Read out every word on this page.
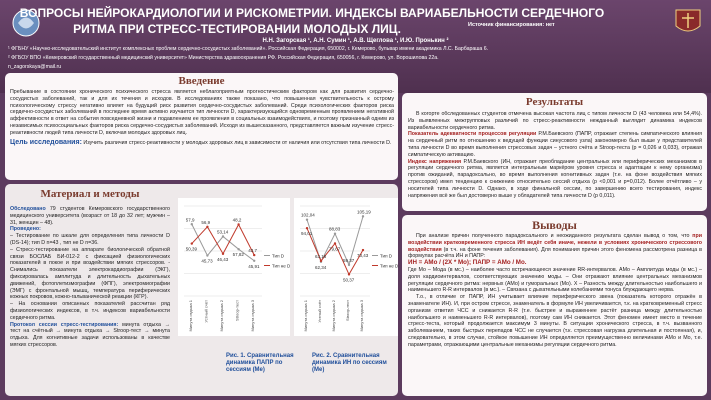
ВОПРОСЫ НЕЙРОКАРДИОЛОГИИ И РИСКОМЕТРИИ. ИНДЕКСЫ ВАРИАБЕЛЬНОСТИ СЕРДЕЧНОГО
РИТМА ПРИ СТРЕСС-ТЕСТИРОВАНИИ МОЛОДЫХ ЛИЦ.	Источник финансирования: нет
Н.Н. Загорская ¹, А.Н. Сумин ¹, А.В. Щеглова ¹, И.Ю. Пронькин ²
¹ ФГБНУ «Научно-исследовательский институт комплексных проблем сердечно-сосудистых заболеваний». Российская Федерация, 650002, г. Кемерово, бульвар имени академика Л.С. Барбараша 6.
² ФГБОУ ВПО «Кемеровский государственный медицинский университет» Министерства здравоохранения РФ. Российская Федерация, 650056, г. Кемерово, ул. Ворошилова 22а.
n_zagorskaya@mail.ru
Введение

Пребывание в состоянии хронического психического стресса является неблагоприятным прогностическим фактором как для развития сердечно-сосудистых заболеваний, так и для их течения и исходов. В исследованиях также показано, что повышенная чувствительность к острому психологическому стрессу негативно влияет на будущий риск развития сердечно-сосудистых заболеваний. Среди психологических факторов риска сердечно-сосудистых заболеваний в последнее время активно изучается тип личности D, характеризующийся одновременным проявлением негативной аффективности в ответ на события повседневной жизни и подавлением ее проявления в социальных взаимодействиях, и поэтому признанный одним из независимых психосоциальных факторов риска сердечно-сосудистых заболеваний. Исходя из вышесказанного, представляется важным изучение стресс-реактивности людей типа личности D, включая молодых здоровых лиц.

Цель исследования: Изучить различия стресс-реактивности у молодых здоровых лиц в зависимости от наличия или отсутствия типа личности D.

Материал и методы

Обследовано 79 студентов Кемеровского государственного медицинского университета (возраст от 18 до 32 лет; мужчин – 31, женщин – 48).

Проведено:

– Тестирование по шкале для определения типа личности D (DS-14); тип D n=43 , тип не D n=36.

– Стресс-тестирование на аппарате биологической обратной связи БОСЛАБ БИ-012-2 с фиксацией физиологических показателей в покое и при воздействии мягких стрессоров. - Снимались показатели электрокардиографии (ЭКГ), фиксировалась амплитуда и длительность дыхательных движений, фотоплетизмографии (ФПГ), электромиографии (ЭМГ) с фронтальной мышц, температура периферических кожных покровов, кожно-гальванической реакции (КГР).

– На основании описанных показателей рассчитан ряд физиологических индексов, в т.ч. индексов вариабельности сердечного ритма.

Протокол сессии стресс-тестирования: минута отдыха → тест на счётный → минута отдыха → Stroop-тест → минута отдыха. Для когнитивные задачи использованы в качестве мягких стрессоров.

57,9
50,39
Минута отдыха 1
45,73
56,9
Устный счёт
53,14
46,43
Минута отдыха 2
57,82
48,2
Stroop-тест
45,91
43,7
Минута отдыха 3
Тип D
Тип не D
102,04
94,01
Минута отдыха 1
62,34
63,16
Устный счёт
88,83
79,67
Минута отдыха 2
59,37
50,37
Stroop-тест
105,19
73,43
Минута отдыха 3
Тип D
Тип не D
Рис. 1. Сравнительная динамика ПАПР по сессиям (Ме)
Рис. 2. Сравнительная динамика ИН по сессиям (Ме)
Результаты

В когорте обследованных студентов отмечена высокая частота лиц с типом личности D (43 человека или 54,4%). Из выявленных межгрупповых различий по стресс-реактивности нежданный выглядит динамика индексов вариабельности сердечного ритма.

Показатель адекватности процессов регуляции Р.М.Баевского (ПАПР, отражает степень симпатического влияния на сердечный ритм по отношению к ведущей функции синусового узла) закономерно был выше у представителей типа личности D во время выполнения стрессовых задач – устного счёта и Stroop-теста (p = 0,026 и 0,033), отражая симпатическую активацию.

Индекс напряжения Р.М.Баевского (ИН, отражает преобладание центральных или периферических механизмов в регуляции сердечного ритма, является интегральным маркёром уровня стресса и адаптации к нему организма) против ожиданий, парадоксально, во время выполнения когнитивных задач (т.е. на фоне воздействия мягких стрессоров) имел тенденцию к снижению относительно сессий отдыха (р <0,001 и р=0,012). Более отчётливо – у носителей типа личности D. Однако, в ходе финальной сессии, по завершению всего тестирования, индекс напряжения всё же был достоверно выше у обладателей типа личности D (р 0,011).

Выводы

При анализе причин полученного парадоксального и неожиданного результата сделан вывод о том, что при воздействии кратковременного стресса ИН ведёт себя иначе, нежели в условиях хронического стрессового воздействия (в т.ч. на фоне течения заболевания). Для понимания причин этого феномена рассмотрена разница в формулах расчёта ИН и ПАПР:

ИН = АМо / (2Х * Мо); ПАПР = АМо / Мо.

Где Мо – Мода (в мс.) – наиболее часто встречающееся значение RR-интервалов. АМо – Амплитуда моды (в мс.) – доля кардиоинтервалов, соответствующих значению моды. – Они отражают влияние центральных механизмов регуляции сердечного ритма: нервных (АМо) и гуморальных (Мо). Х – Разность между длительностью наибольшего и наименьшего R-R интервалов (в мс.). – Связана с дыхательными колебаниями тонуса блуждающего нерва.

Т.о., в отличие от ПАПР, ИН учитывает влияние периферического звена (показатель которого отражён в знаменателе ИН). И, при остром стрессе, знаменатель в формуле ИН увеличивается, т.к. на кратковременный стресс организм ответил ЧСС и снижается R-R (т.е. быстрее и выраженнее растёт разница между длительностью наибольшего и наименьшего R-R интервалов), поэтому сам ИН снижается. Этот феномен имеет место в течение стресс-теста, который продолжается максимум 3 минуты. В ситуации хронического стресса, в т.ч. вызванного заболеванием, таких быстрых перепадов ЧСС не случается (т.к. стрессовая нагрузка длительная и постоянная), и, следовательно, в этом случае, стойкое повышение ИН определяется преимущественно величинами АМо и Мо, т.е. параметрами, отражающими центральные механизмы регуляции сердечного ритма.
